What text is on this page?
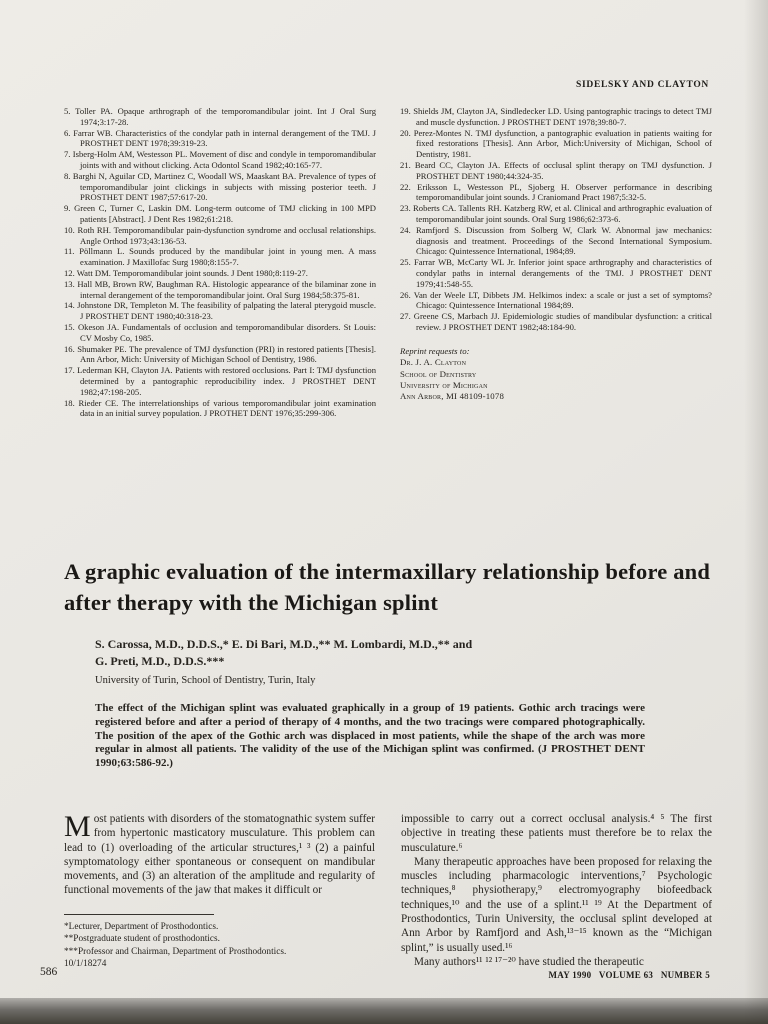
SIDELSKY AND CLAYTON

5. Toller PA. Opaque arthrograph of the temporomandibular joint. Int J Oral Surg 1974;3:17-28.

6. Farrar WB. Characteristics of the condylar path in internal derangement of the TMJ. J PROSTHET DENT 1978;39:319-23.

7. Isberg-Holm AM, Westesson PL. Movement of disc and condyle in temporomandibular joints with and without clicking. Acta Odontol Scand 1982;40:165-77.

8. Barghi N, Aguilar CD, Martinez C, Woodall WS, Maaskant BA. Prevalence of types of temporomandibular joint clickings in subjects with missing posterior teeth. J PROSTHET DENT 1987;57:617-20.

9. Green C, Turner C, Laskin DM. Long-term outcome of TMJ clicking in 100 MPD patients [Abstract]. J Dent Res 1982;61:218.

10. Roth RH. Temporomandibular pain-dysfunction syndrome and occlusal relationships. Angle Orthod 1973;43:136-53.

11. Pöllmann L. Sounds produced by the mandibular joint in young men. A mass examination. J Maxillofac Surg 1980;8:155-7.

12. Watt DM. Temporomandibular joint sounds. J Dent 1980;8:119-27.

13. Hall MB, Brown RW, Baughman RA. Histologic appearance of the bilaminar zone in internal derangement of the temporomandibular joint. Oral Surg 1984;58:375-81.

14. Johnstone DR, Templeton M. The feasibility of palpating the lateral pterygoid muscle. J PROSTHET DENT 1980;40:318-23.

15. Okeson JA. Fundamentals of occlusion and temporomandibular disorders. St Louis: CV Mosby Co, 1985.

16. Shumaker PE. The prevalence of TMJ dysfunction (PRI) in restored patients [Thesis]. Ann Arbor, Mich: University of Michigan School of Dentistry, 1986.

17. Lederman KH, Clayton JA. Patients with restored occlusions. Part I: TMJ dysfunction determined by a pantographic reproducibility index. J PROSTHET DENT 1982;47:198-205.

18. Rieder CE. The interrelationships of various temporomandibular joint examination data in an initial survey population. J PROTHET DENT 1976;35:299-306.

19. Shields JM, Clayton JA, Sindledecker LD. Using pantographic tracings to detect TMJ and muscle dysfunction. J PROSTHET DENT 1978;39:80-7.

20. Perez-Montes N. TMJ dysfunction, a pantographic evaluation in patients waiting for fixed restorations [Thesis]. Ann Arbor, Mich:University of Michigan, School of Dentistry, 1981.

21. Beard CC, Clayton JA. Effects of occlusal splint therapy on TMJ dysfunction. J PROSTHET DENT 1980;44:324-35.

22. Eriksson L, Westesson PL, Sjoberg H. Observer performance in describing temporomandibular joint sounds. J Craniomand Pract 1987;5:32-5.

23. Roberts CA. Tallents RH. Katzberg RW, et al. Clinical and arthrographic evaluation of temporomandibular joint sounds. Oral Surg 1986;62:373-6.

24. Ramfjord S. Discussion from Solberg W, Clark W. Abnormal jaw mechanics: diagnosis and treatment. Proceedings of the Second International Symposium. Chicago: Quintessence International, 1984;89.

25. Farrar WB, McCarty WL Jr. Inferior joint space arthrography and characteristics of condylar paths in internal derangements of the TMJ. J PROSTHET DENT 1979;41:548-55.

26. Van der Weele LT, Dibbets JM. Helkimos index: a scale or just a set of symptoms? Chicago: Quintessence International 1984;89.

27. Greene CS, Marbach JJ. Epidemiologic studies of mandibular dysfunction: a critical review. J PROSTHET DENT 1982;48:184-90.

Reprint requests to:
Dr. J. A. Clayton
School of Dentistry
University of Michigan
Ann Arbor, MI 48109-1078
A graphic evaluation of the intermaxillary relationship before and after therapy with the Michigan splint
S. Carossa, M.D., D.D.S.,* E. Di Bari, M.D.,** M. Lombardi, M.D.,** and
G. Preti, M.D., D.D.S.***
University of Turin, School of Dentistry, Turin, Italy

The effect of the Michigan splint was evaluated graphically in a group of 19 patients. Gothic arch tracings were registered before and after a period of therapy of 4 months, and the two tracings were compared photographically. The position of the apex of the Gothic arch was displaced in most patients, while the shape of the arch was more regular in almost all patients. The validity of the use of the Michigan splint was confirmed. (J PROSTHET DENT 1990;63:586-92.)

Most patients with disorders of the stomatognathic system suffer from hypertonic masticatory musculature. This problem can lead to (1) overloading of the articular structures,¹ ³ (2) a painful symptomatology either spontaneous or consequent on mandibular movements, and (3) an alteration of the amplitude and regularity of functional movements of the jaw that makes it difficult or

impossible to carry out a correct occlusal analysis.⁴ ⁵ The first objective in treating these patients must therefore be to relax the musculature.⁶

Many therapeutic approaches have been proposed for relaxing the muscles including pharmacologic interventions,⁷ Psychologic techniques,⁸ physiotherapy,⁹ electromyography biofeedback techniques,¹⁰ and the use of a splint.¹¹ ¹⁹ At the Department of Prosthodontics, Turin University, the occlusal splint developed at Ann Arbor by Ramfjord and Ash,¹³⁻¹⁵ known as the “Michigan splint,” is usually used.¹⁶

Many authors¹¹ ¹² ¹⁷⁻²⁰ have studied the therapeutic

*Lecturer, Department of Prosthodontics.
**Postgraduate student of prosthodontics.
***Professor and Chairman, Department of Prosthodontics.
10/1/18274
586	MAY 1990   VOLUME 63   NUMBER 5
